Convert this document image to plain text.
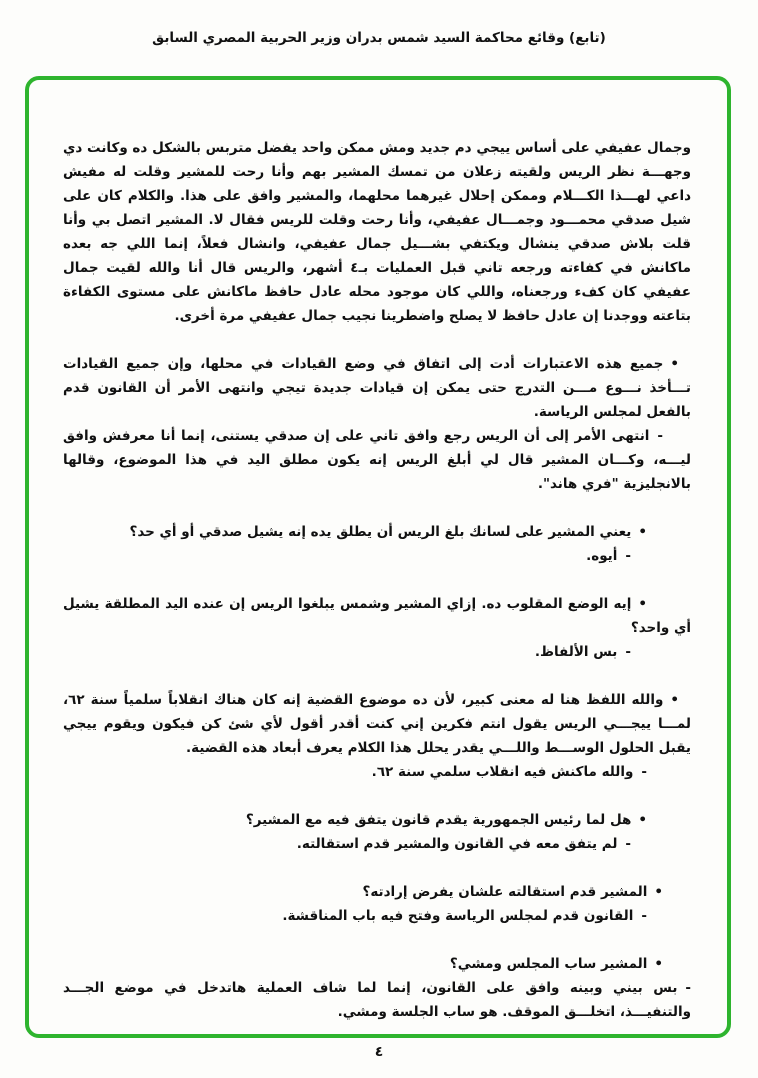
(تابع) وقائع محاكمة السيد شمس بدران وزير الحربية المصري السابق

وجمال عفيفي على أساس ييجي دم جديد ومش ممكن واحد يفضل متربس بالشكل ده وكانت دي وجهـــة نظر الريس ولقيته زعلان من تمسك المشير بهم وأنا رحت للمشير وقلت له مفيش داعي لهـــذا الكـــلام وممكن إحلال غيرهما محلهما، والمشير وافق على هذا. والكلام كان على شيل صدقي محمـــود وجمـــال عفيفي، وأنا رحت وقلت للريس فقال لا. المشير اتصل بي وأنا قلت بلاش صدقي ينشال ويكتفي بشـــيل جمال عفيفي، وانشال فعلاً، إنما اللي جه بعده ماكانش في كفاءته ورجعه تاني قبل العمليات بـ٤ أشهر، والريس قال أنا والله لقيت جمال عفيفي كان كفء ورجعناه، واللي كان موجود محله عادل حافظ ماكانش على مستوى الكفاءة بتاعته ووجدنا إن عادل حافظ لا يصلح واضطرينا نجيب جمال عفيفي مرة أخرى.

•جميع هذه الاعتبارات أدت إلى اتفاق في وضع القيادات في محلها، وإن جميع القيادات تـــأخذ نـــوع مـــن التدرج حتى يمكن إن قيادات جديدة تيجي وانتهى الأمر أن القانون قدم بالفعل لمجلس الرياسة.

-انتهى الأمر إلى أن الريس رجع وافق تاني على إن صدقي يستنى، إنما أنا معرفش وافق ليـــه، وكـــان المشير قال لي أبلغ الريس إنه يكون مطلق اليد في هذا الموضوع، وقالها بالانجليزية "فري هاند".

•يعني المشير على لسانك بلغ الريس أن يطلق يده إنه يشيل صدقي أو أي حد؟

-أيوه.

•إيه الوضع المقلوب ده. إزاي المشير وشمس يبلغوا الريس إن عنده اليد المطلقة يشيل أي واحد؟

-بس الألفاظ.

•والله اللفظ هنا له معنى كبير، لأن ده موضوع القضية إنه كان هناك انقلاباً سلمياً سنة ٦٢، لمـــا ييجـــي الريس يقول انتم فكرين إني كنت أقدر أقول لأي شئ كن فيكون ويقوم ييجي يقبل الحلول الوســـط واللـــي يقدر يحلل هذا الكلام يعرف أبعاد هذه القضية.

-والله ماكنش فيه انقلاب سلمي سنة ٦٢.

•هل لما رئيس الجمهورية يقدم قانون يتفق فيه مع المشير؟

-لم يتفق معه في القانون والمشير قدم استقالته.

•المشير قدم استقالته علشان يفرض إرادته؟

-القانون قدم لمجلس الرياسة وفتح فيه باب المناقشة.

•المشير ساب المجلس ومشي؟

-بس بيني وبينه وافق على القانون، إنما لما شاف العملية هاتدخل في موضع الجـــد والتنفيـــذ، اتخلـــق الموقف. هو ساب الجلسة ومشي.

٤
